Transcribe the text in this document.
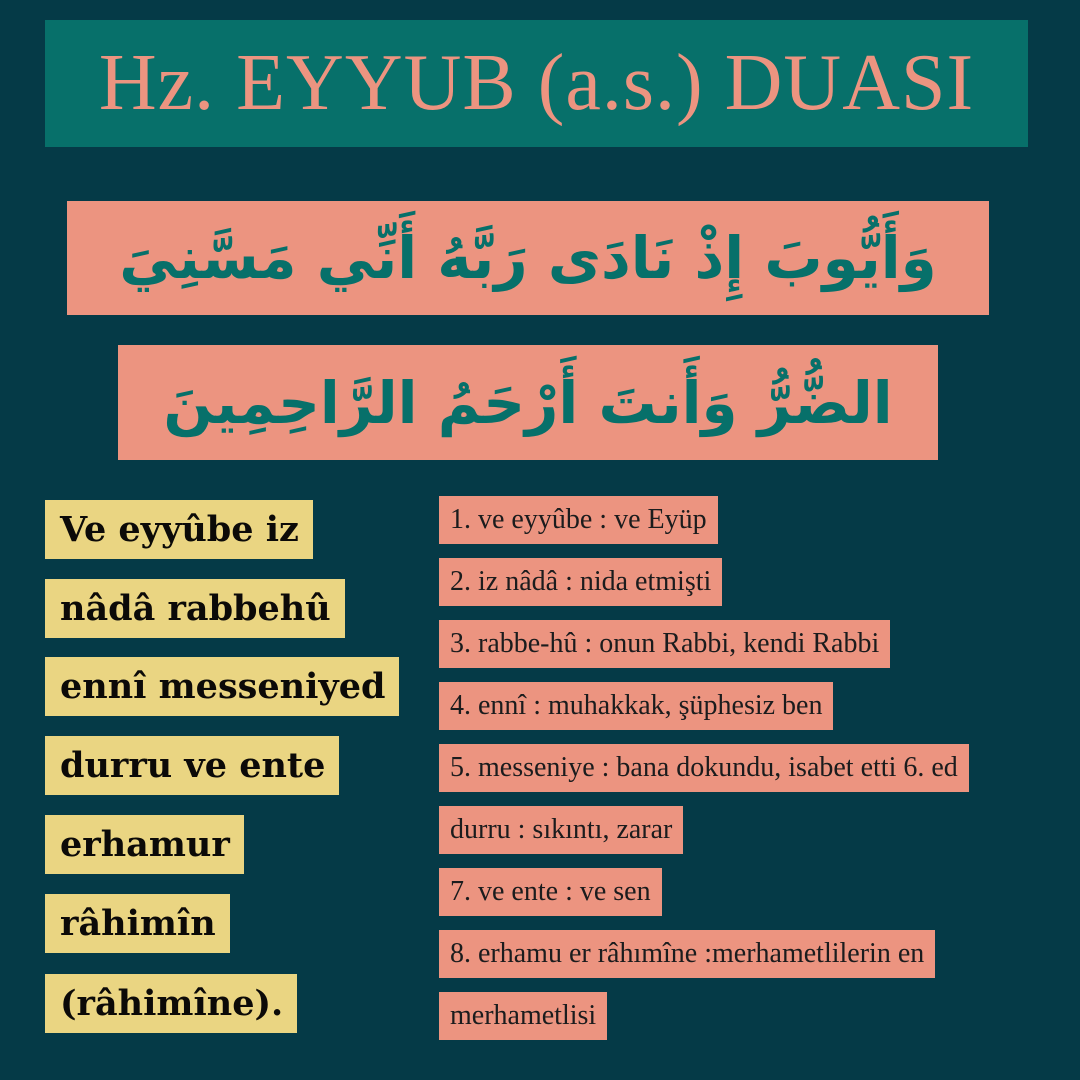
Hz. EYYUB (a.s.) DUASI
وَأَيُّوبَ إِذْ نَادَى رَبَّهُ أَنِّي مَسَّنِيَ
الضُّرُّ وَأَنتَ أَرْحَمُ الرَّاحِمِينَ
Ve eyyûbe iz
nâdâ rabbehû
ennî messeniyed
durru ve ente
erhamur
râhimîn
(râhimîne).
1. ve eyyûbe : ve Eyüp
2. iz nâdâ : nida etmişti
3. rabbe-hû : onun Rabbi, kendi Rabbi
4. ennî : muhakkak, şüphesiz ben
5. messeniye : bana dokundu, isabet etti 6. ed
durru : sıkıntı, zarar
7. ve ente : ve sen
8. erhamu er râhımîne :merhametlilerin en
merhametlisi
